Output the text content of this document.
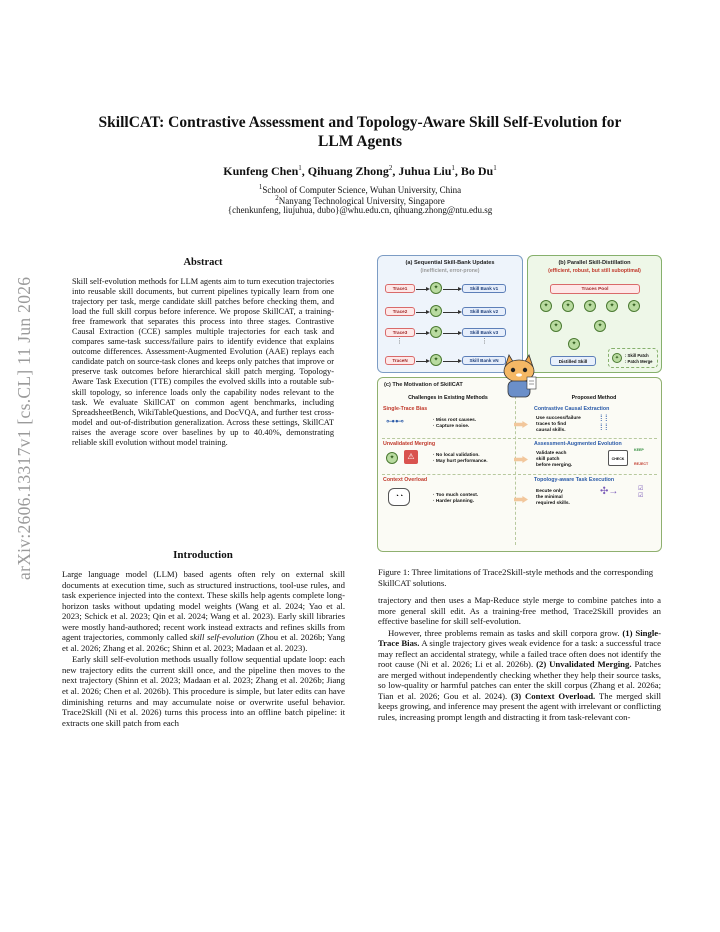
arXiv:2606.13317v1 [cs.CL] 11 Jun 2026
SkillCAT: Contrastive Assessment and Topology-Aware Skill Self-Evolution for LLM Agents
Kunfeng Chen$^1$, Qihuang Zhong$^2$, Juhua Liu$^1$, Bo Du$^1$
$^1$School of Computer Science, Wuhan University, China
$^2$Nanyang Technological University, Singapore
{chenkunfeng, liujuhua, dubo}@whu.edu.cn, qihuang.zhong@ntu.edu.sg
Abstract
Skill self-evolution methods for LLM agents aim to turn execution trajectories into reusable skill documents, but current pipelines typically learn from one trajectory per task, merge candidate skill patches before checking them, and load the full skill corpus before inference. We propose SkillCAT, a training-free framework that separates this process into three stages. Contrastive Causal Extraction (CCE) samples multiple trajectories for each task and compares same-task success/failure pairs to identify evidence that explains outcome differences. Assessment-Augmented Evolution (AAE) replays each candidate patch on source-task clones and keeps only patches that improve or preserve task outcomes before hierarchical skill patch merging. Topology-Aware Task Execution (TTE) compiles the evolved skills into a routable sub-skill topology, so inference loads only the capability nodes relevant to the task. We evaluate SkillCAT on common agent benchmarks, including SpreadsheetBench, WikiTableQuestions, and DocVQA, and further test cross-model and out-of-distribution generalization. Across these settings, SkillCAT raises the average score over baselines by up to 40.40%, demonstrating reliable skill evolution without model training.
Introduction

Large language model (LLM) based agents often rely on external skill documents at execution time, such as structured instructions, tool-use rules, and task experience injected into the context. These skills help agents complete long-horizon tasks without updating model weights (Wang et al. 2024; Yao et al. 2023; Schick et al. 2023; Qin et al. 2024; Wang et al. 2023). Early skill libraries were mostly hand-authored; recent work instead extracts and refines skills from agent trajectories, commonly called skill self-evolution (Zhou et al. 2026b; Yang et al. 2026; Zhang et al. 2026c; Shinn et al. 2023; Madaan et al. 2023).

Early skill self-evolution methods usually follow sequential update loop: each new trajectory edits the current skill once, and the pipeline then moves to the next trajectory (Shinn et al. 2023; Madaan et al. 2023; Zhang et al. 2026b; Jiang et al. 2026; Chen et al. 2026b). This procedure is simple, but later edits can have diminishing returns and may accumulate noise or overwrite useful behavior. Trace2Skill (Ni et al. 2026) turns this process into an offline batch pipeline: it extracts one skill patch from each

trajectory and then uses a Map-Reduce style merge to combine patches into a more general skill edit. As a training-free method, Trace2Skill provides an effective baseline for skill self-evolution.

However, three problems remain as tasks and skill corpora grow. (1) Single-Trace Bias. A single trajectory gives weak evidence for a task: a successful trace may reflect an accidental strategy, while a failed trace often does not identify the root cause (Ni et al. 2026; Li et al. 2026b). (2) Unvalidated Merging. Patches are merged without independently checking whether they help their source tasks, so low-quality or harmful patches can enter the skill corpus (Zhang et al. 2026a; Tian et al. 2026; Gou et al. 2024). (3) Context Overload. The merged skill keeps growing, and inference may present the agent with irrelevant or conflicting rules, increasing prompt length and distracting it from task-relevant con-

Figure 1: Three limitations of Trace2Skill-style methods and the corresponding SkillCAT solutions.
(a) Sequential Skill-Bank Updates
(inefficient, error-prone)
Trace1	✦	Skill Bank v1
Trace2	✦	Skill Bank v2
Trace3	✦	Skill Bank v3
⋮	⋮
TraceN	✦	Skill Bank vN
(b) Parallel Skill-Distillation
(efficient, robust, but still suboptimal)
Traces Pool
✦	✦	✦	✦	✦
✦	✦
✦
Distilled Skill
✦	: Skill Patch
: Patch Merge
(c) The Motivation of SkillCAT
Challenges in Existing Methods	Proposed Method
Single-Trace Bias
⊶⊷	· Miss root causes.
· Capture noise.
Contrastive Causal Extraction
Use success/failure
traces to find
causal skills.
⁞ ⁞
⁞ ⁞
Unvalidated Merging
✦	⚠	· No local validation.
· May hurt performance.
Assessment-Augmented Evolution
Validate each
skill patch
before merging.
CHECK
KEEP
REJECT
Context Overload
◔◔	· Too much context.
· Harder planning.
Topology-aware Task Execution
Eecute only
the minimal
required skills.
✣→	☑
☑
